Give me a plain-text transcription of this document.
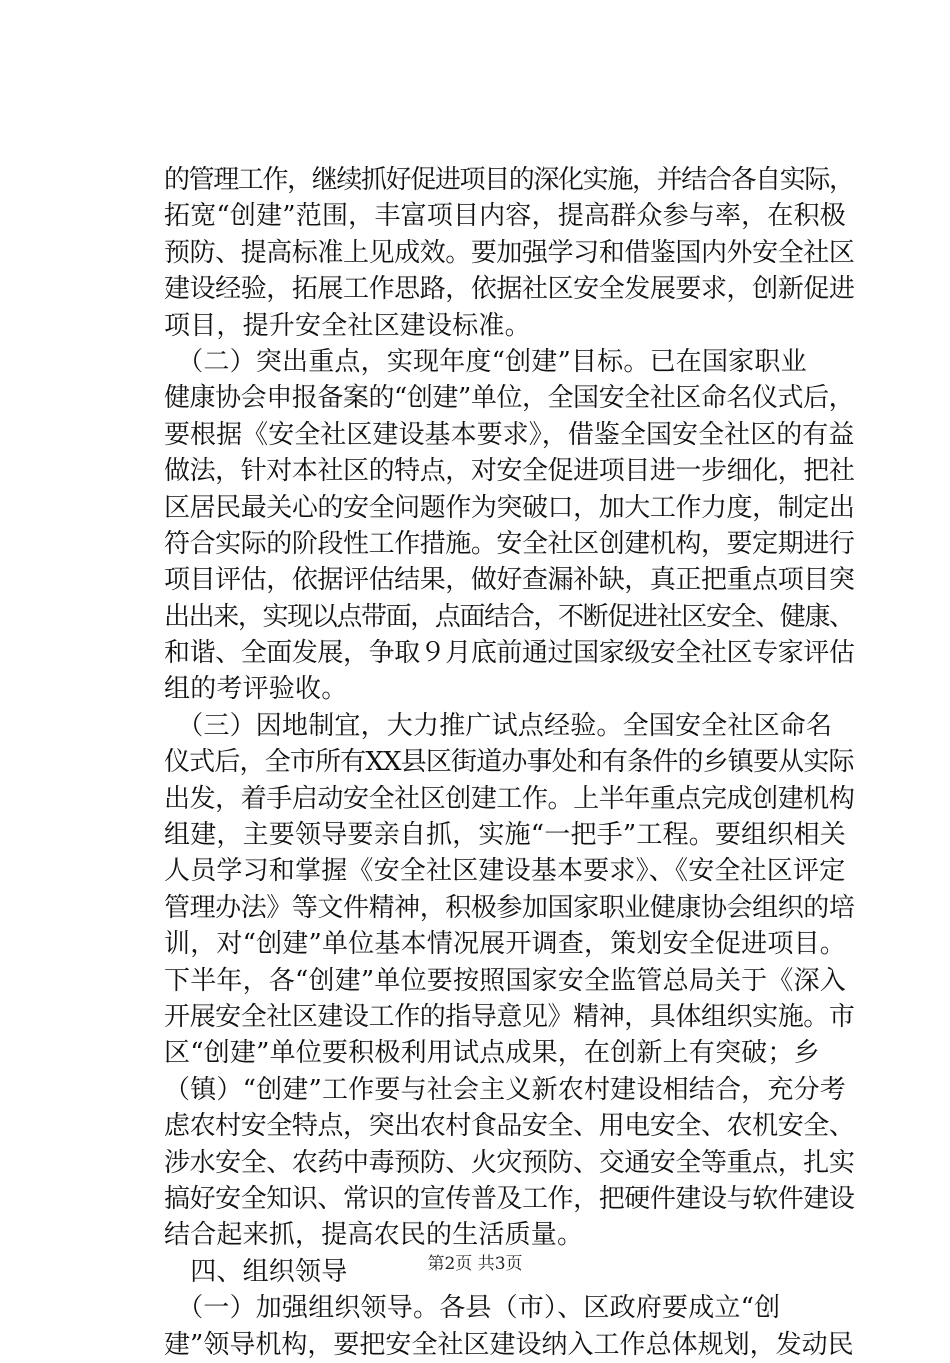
的管理工作，继续抓好促进项目的深化实施，并结合各自实际，
拓宽“创建”范围，丰富项目内容，提高群众参与率，在积极
预防、提高标准上见成效。要加强学习和借鉴国内外安全社区
建设经验，拓展工作思路，依据社区安全发展要求，创新促进
项目，提升安全社区建设标准。
　（二）突出重点，实现年度“创建”目标。已在国家职业
健康协会申报备案的“创建”单位，全国安全社区命名仪式后，
要根据《安全社区建设基本要求》，借鉴全国安全社区的有益
做法，针对本社区的特点，对安全促进项目进一步细化，把社
区居民最关心的安全问题作为突破口，加大工作力度，制定出
符合实际的阶段性工作措施。安全社区创建机构，要定期进行
项目评估，依据评估结果，做好查漏补缺，真正把重点项目突
出出来，实现以点带面，点面结合，不断促进社区安全、健康、
和谐、全面发展，争取９月底前通过国家级安全社区专家评估
组的考评验收。
　（三）因地制宜，大力推广试点经验。全国安全社区命名
仪式后，全市所有XX县区街道办事处和有条件的乡镇要从实际
出发，着手启动安全社区创建工作。上半年重点完成创建机构
组建，主要领导要亲自抓，实施“一把手”工程。要组织相关
人员学习和掌握《安全社区建设基本要求》、《安全社区评定
管理办法》等文件精神，积极参加国家职业健康协会组织的培
训，对“创建”单位基本情况展开调查，策划安全促进项目。
下半年，各“创建”单位要按照国家安全监管总局关于《深入
开展安全社区建设工作的指导意见》精神，具体组织实施。市
区“创建”单位要积极利用试点成果，在创新上有突破；乡
（镇）“创建”工作要与社会主义新农村建设相结合，充分考
虑农村安全特点，突出农村食品安全、用电安全、农机安全、
涉水安全、农药中毒预防、火灾预防、交通安全等重点，扎实
搞好安全知识、常识的宣传普及工作，把硬件建设与软件建设
结合起来抓，提高农民的生活质量。
　四、组织领导
　（一）加强组织领导。各县（市）、区政府要成立“创
建”领导机构，要把安全社区建设纳入工作总体规划，发动民
第2页 共3页
